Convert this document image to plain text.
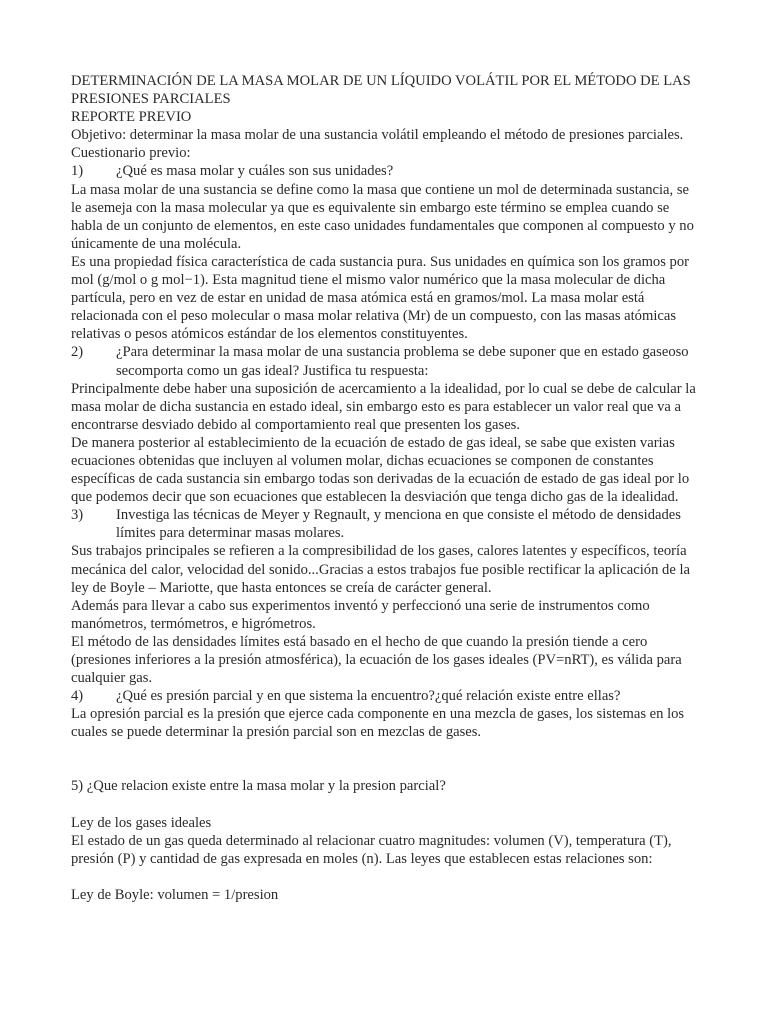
DETERMINACIÓN DE LA MASA MOLAR DE UN LÍQUIDO VOLÁTIL POR EL MÉTODO DE LAS PRESIONES PARCIALES
REPORTE PREVIO
Objetivo: determinar la masa molar de una sustancia volátil empleando el método de presiones parciales.
Cuestionario previo:
1)	¿Qué es masa molar y cuáles son sus unidades?
La masa molar de una sustancia se define como la masa que contiene un mol de determinada sustancia, se le asemeja con la masa molecular ya que es equivalente sin embargo este término se emplea cuando se habla de un conjunto de elementos, en este caso unidades fundamentales que componen al compuesto y no únicamente de una molécula.
Es una propiedad física característica de cada sustancia pura. Sus unidades en química son los gramos por mol (g/mol o g mol−1). Esta magnitud tiene el mismo valor numérico que la masa molecular de dicha partícula, pero en vez de estar en unidad de masa atómica está en gramos/mol. La masa molar está relacionada con el peso molecular o masa molar relativa (Mr) de un compuesto, con las masas atómicas relativas o pesos atómicos estándar de los elementos constituyentes.
2)	¿Para determinar la masa molar de una sustancia problema se debe suponer que en estado gaseoso secomporta como un gas ideal? Justifica tu respuesta:
Principalmente debe haber una suposición de acercamiento a la idealidad, por lo cual se debe de calcular la masa molar de dicha sustancia en estado ideal, sin embargo esto es para establecer un valor real que va a encontrarse desviado debido al comportamiento real que presenten los gases.
De manera posterior al establecimiento de la ecuación de estado de gas ideal, se sabe que existen varias ecuaciones obtenidas que incluyen al volumen molar, dichas ecuaciones se componen de constantes específicas de cada sustancia sin embargo todas son derivadas de la ecuación de estado de gas ideal por lo que podemos decir que son ecuaciones que establecen la desviación que tenga dicho gas de la idealidad.
3)	Investiga las técnicas de Meyer y Regnault, y menciona en que consiste el método de densidades límites para determinar masas molares.
Sus trabajos principales se refieren a la compresibilidad de los gases, calores latentes y específicos, teoría mecánica del calor, velocidad del sonido...Gracias a estos trabajos fue posible rectificar la aplicación de la ley de Boyle – Mariotte, que hasta entonces se creía de carácter general.
Además para llevar a cabo sus experimentos inventó y perfeccionó una serie de instrumentos como manómetros, termómetros, e higrómetros.
El método de las densidades límites está basado en el hecho de que cuando la presión tiende a cero (presiones inferiores a la presión atmosférica), la ecuación de los gases ideales (PV=nRT), es válida para cualquier gas.
4)	¿Qué es presión parcial y en que sistema la encuentro?¿qué relación existe entre ellas?
La opresión parcial es la presión que ejerce cada componente en una mezcla de gases, los sistemas en los cuales se puede determinar la presión parcial son en mezclas de gases.
5) ¿Que relacion existe entre la masa molar y la presion parcial?
Ley de los gases ideales
El estado de un gas queda determinado al relacionar cuatro magnitudes: volumen (V), temperatura (T), presión (P) y cantidad de gas expresada en moles (n). Las leyes que establecen estas relaciones son:
Ley de Boyle: volumen = 1/presion
